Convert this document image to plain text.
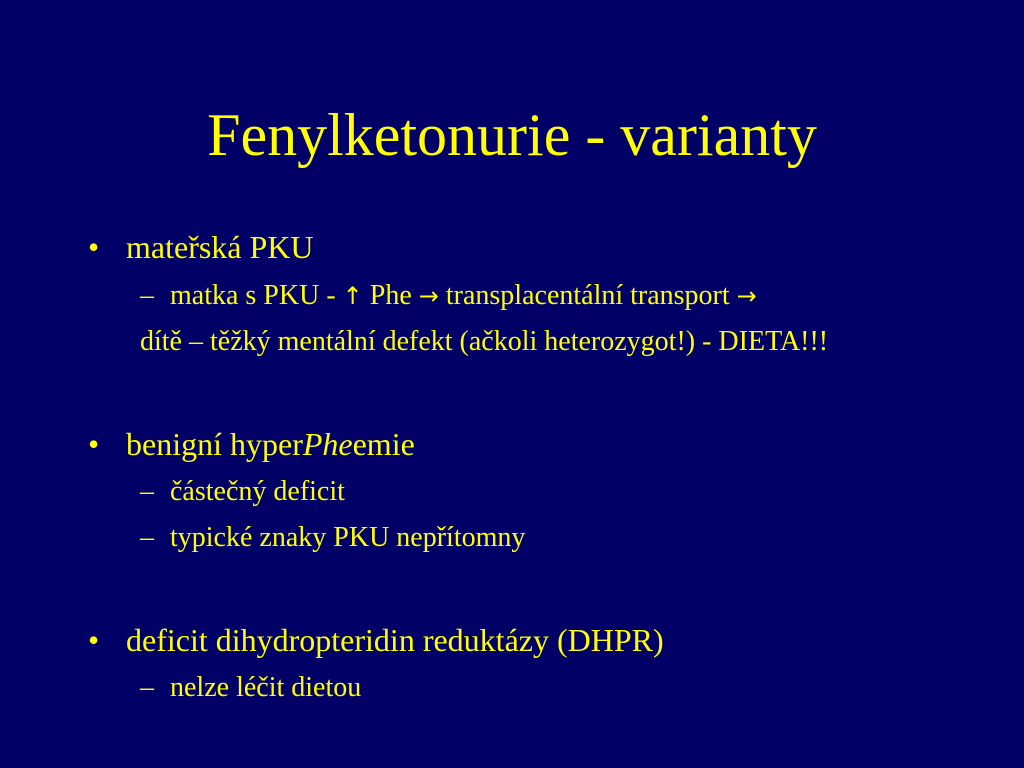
Fenylketonurie - varianty
• mateřská PKU
– matka s PKU - ↑ Phe → transplacentální transport →
dítě – těžký mentální defekt (ačkoli heterozygot!) - DIETA!!!
• benigní hyperPheemie
– částečný deficit
– typické znaky PKU nepřítomny
• deficit dihydropteridin reduktázy (DHPR)
– nelze léčit dietou
